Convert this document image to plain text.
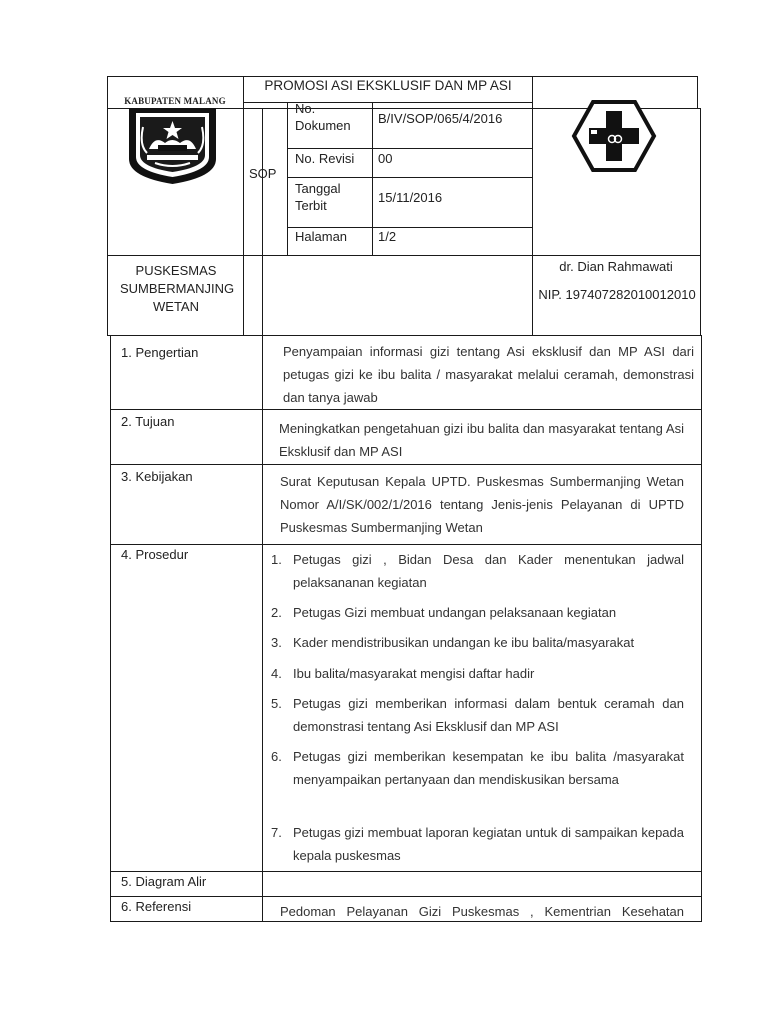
PROMOSI ASI EKSKLUSIF DAN MP ASI
KABUPATEN MALANG
SOP
No. Dokumen
No. Revisi
Tanggal Terbit
Halaman
B/IV/SOP/065/4/2016
00
15/11/2016
1/2
PUSKESMAS SUMBERMANJING WETAN
dr. Dian Rahmawati
NIP. 197407282010012010
1. Pengertian
2. Tujuan
3. Kebijakan
4. Prosedur
5. Diagram Alir
6. Referensi
Penyampaian informasi gizi tentang Asi eksklusif dan MP ASI dari petugas gizi ke ibu balita / masyarakat melalui ceramah, demonstrasi dan tanya jawab
Meningkatkan pengetahuan gizi ibu balita dan masyarakat tentang Asi Eksklusif dan MP ASI
Surat Keputusan Kepala UPTD. Puskesmas Sumbermanjing Wetan Nomor A/I/SK/002/1/2016 tentang Jenis-jenis Pelayanan di UPTD Puskesmas Sumbermanjing Wetan
1. Petugas gizi , Bidan Desa dan Kader menentukan jadwal pelaksananan kegiatan
2. Petugas Gizi membuat undangan pelaksanaan kegiatan
3. Kader mendistribusikan undangan ke ibu balita/masyarakat
4. Ibu balita/masyarakat mengisi daftar hadir
5. Petugas gizi memberikan informasi dalam bentuk ceramah dan demonstrasi tentang Asi Eksklusif dan MP ASI
6. Petugas gizi memberikan kesempatan ke ibu balita /masyarakat menyampaikan pertanyaan dan mendiskusikan bersama
7. Petugas gizi membuat laporan kegiatan untuk di sampaikan kepada kepala puskesmas
Pedoman Pelayanan Gizi Puskesmas , Kementrian Kesehatan
